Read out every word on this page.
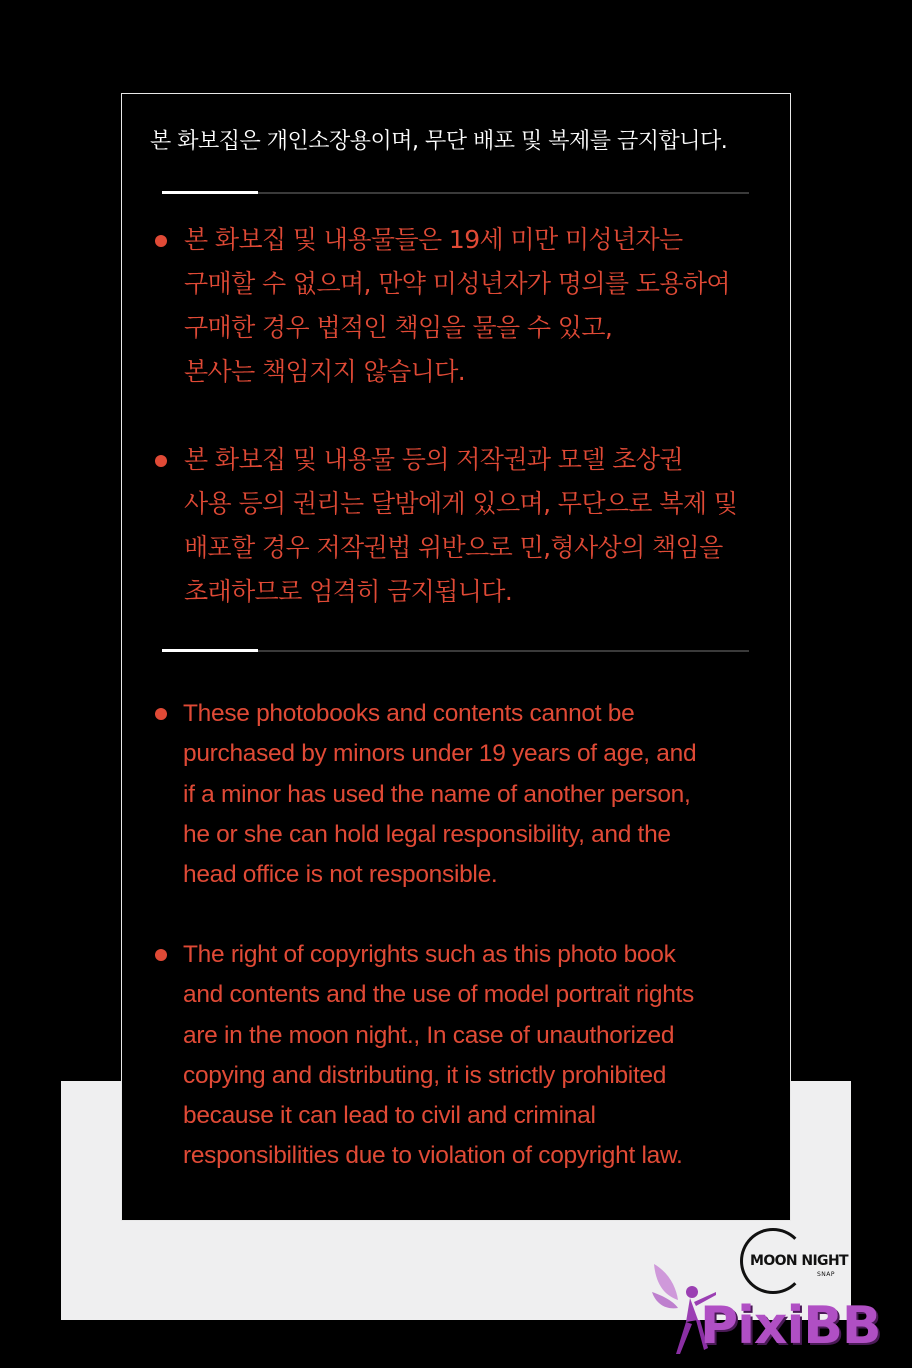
본 화보집은 개인소장용이며, 무단 배포 및 복제를 금지합니다.
본 화보집 및 내용물들은 19세 미만 미성년자는
구매할 수 없으며, 만약 미성년자가 명의를 도용하여
구매한 경우 법적인 책임을 물을 수 있고,
본사는 책임지지 않습니다.
본 화보집 및 내용물 등의 저작권과 모델 초상권
사용 등의 권리는 달밤에게 있으며, 무단으로 복제 및
배포할 경우 저작권법 위반으로 민,형사상의 책임을
초래하므로 엄격히 금지됩니다.
These photobooks and contents cannot be
purchased by minors under 19 years of age, and
if a minor has used the name of another person,
he or she can hold legal responsibility, and the
head office is not responsible.
The right of copyrights such as this photo book
and contents and the use of model portrait rights
are in the moon night., In case of unauthorized
copying and distributing, it is strictly prohibited
because it can lead to civil and criminal
responsibilities due to violation of copyright law.
MOON NIGHT
SNAP
PixiBB
